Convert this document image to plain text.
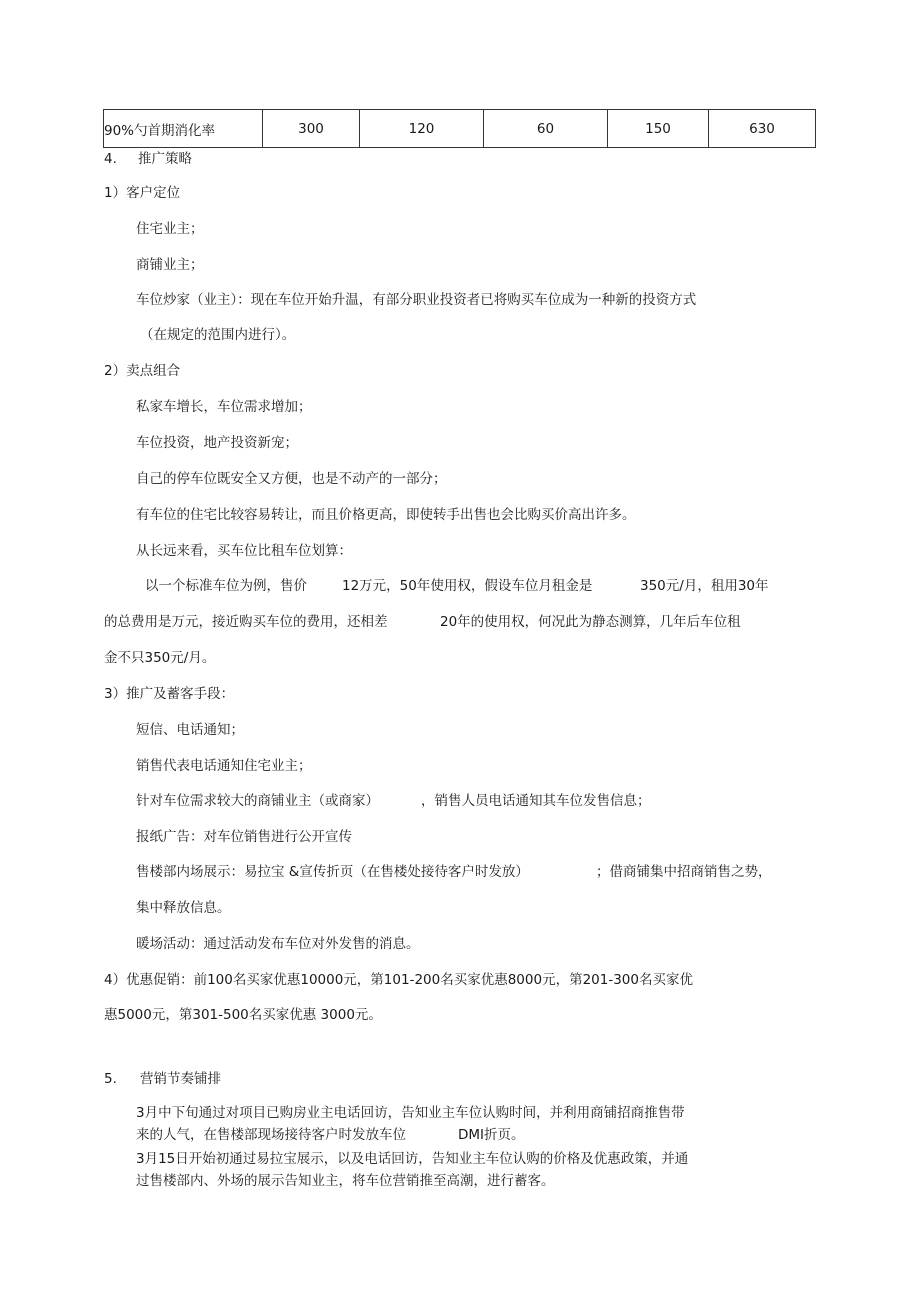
90%勺首期消化率	300	120	60	150	630
4. 推广策略
1）客户定位
住宅业主；
商铺业主；
车位炒家（业主）：现在车位开始升温，有部分职业投资者已将购买车位成为一种新的投资方式
（在规定的范围内进行）。
2）卖点组合
私家车增长，车位需求增加；
车位投资，地产投资新宠；
自己的停车位既安全又方便，也是不动产的一部分；
有车位的住宅比较容易转让，而且价格更高，即使转手出售也会比购买价高出许多。
从长远来看，买车位比租车位划算：
以一个标准车位为例，售价	12万元，50年使用权，假设车位月租金是	350元/月，租用30年
的总费用是万元，接近购买车位的费用，还相差	20年的使用权，何况此为静态测算，几年后车位租
金不只350元/月。
3）推广及蓄客手段：
短信、电话通知；
销售代表电话通知住宅业主；
针对车位需求较大的商铺业主（或商家）	，销售人员电话通知其车位发售信息；
报纸广告：对车位销售进行公开宣传
售楼部内场展示：易拉宝 &宣传折页（在售楼处接待客户时发放）	；借商铺集中招商销售之势，
集中释放信息。
暖场活动：通过活动发布车位对外发售的消息。
4）优惠促销：前100名买家优惠10000元，第101-200名买家优惠8000元，第201-300名买家优
惠5000元，第301-500名买家优惠 3000元。
5. 营销节奏铺排
3月中下旬通过对项目已购房业主电话回访，告知业主车位认购时间，并利用商铺招商推售带
来的人气，在售楼部现场接待客户时发放车位	DMI折页。
3月15日开始初通过易拉宝展示，以及电话回访，告知业主车位认购的价格及优惠政策，并通
过售楼部内、外场的展示告知业主，将车位营销推至高潮，进行蓄客。
